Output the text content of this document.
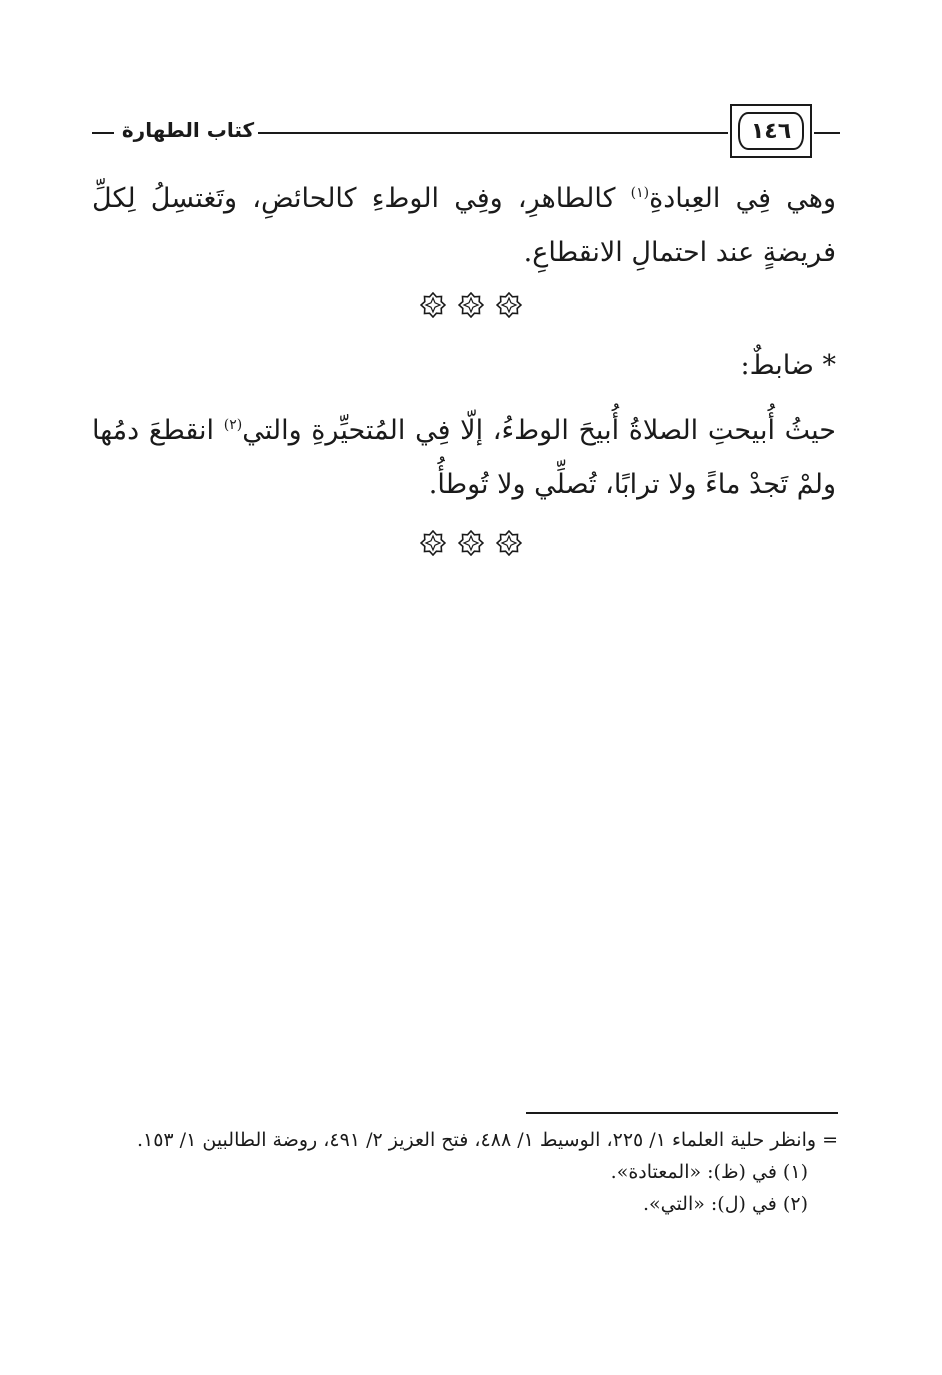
١٤٦
كتاب الطهارة
وهي فِي العِبادةِ$^{(١)}$ كالطاهرِ، وفِي الوطءِ كالحائضِ، وتَغتسِلُ لِكلِّ فريضةٍ عند احتمالِ الانقطاعِ.
* ضابطٌ:
حيثُ أُبيحتِ الصلاةُ أُبيحَ الوطءُ، إلّا فِي المُتحيِّرةِ والتي$^{(٢)}$ انقطعَ دمُها ولمْ تَجدْ ماءً ولا ترابًا، تُصلِّي ولا تُوطأُ.

= وانظر حلية العلماء ١/ ٢٢٥، الوسيط ١/ ٤٨٨، فتح العزيز ٢/ ٤٩١، روضة الطالبين ١/ ١٥٣.

(١) في (ظ): «المعتادة».

(٢) في (ل): «التي».
